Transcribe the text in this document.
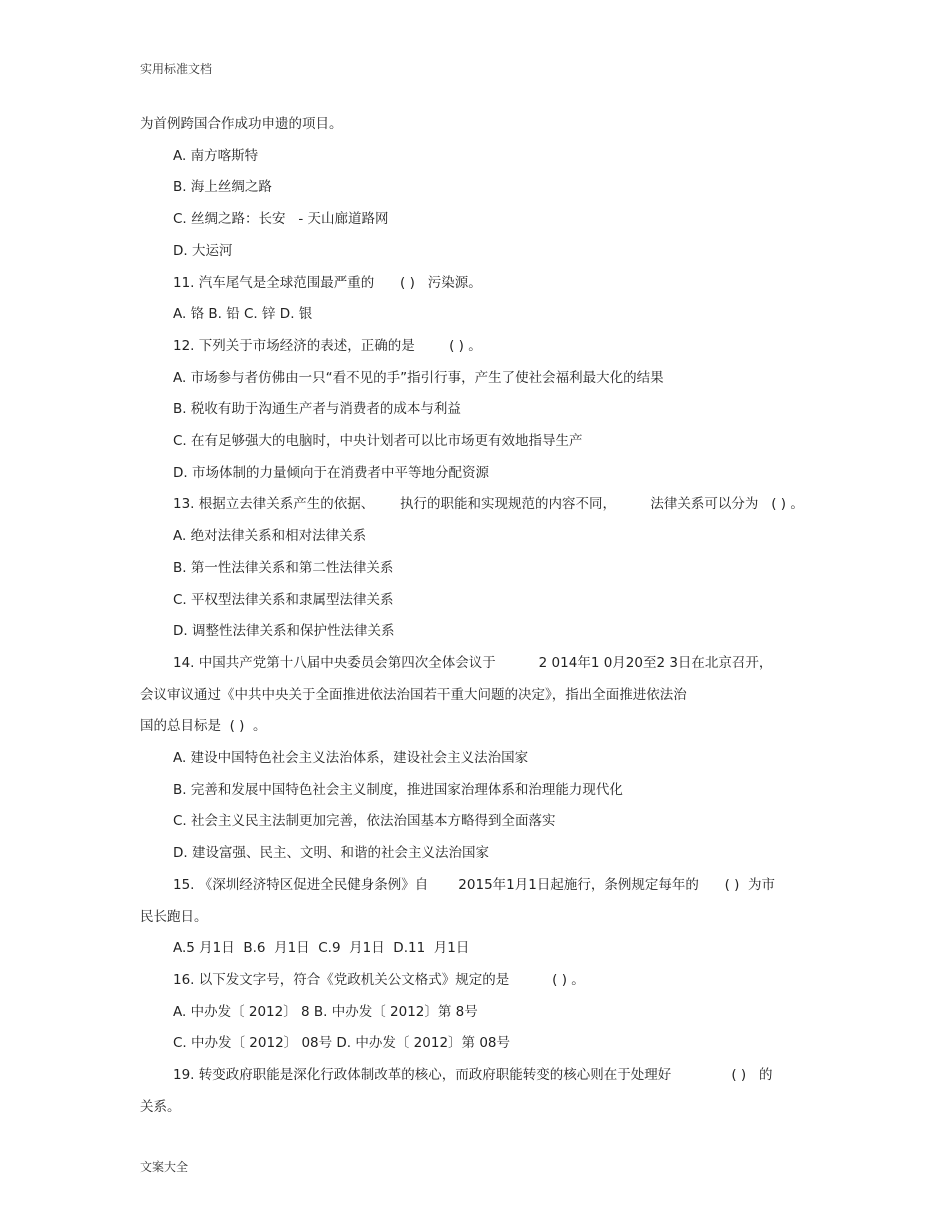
实用标准文档

为首例跨国合作成功申遗的项目。

A. 南方喀斯特

B. 海上丝绸之路

C. 丝绸之路：长安   - 天山廊道路网

D. 大运河

11. 汽车尾气是全球范围最严重的      ( )   污染源。

A. 铬 B. 铅 C. 锌 D. 银

12. 下列关于市场经济的表述，正确的是        ( ) 。

A. 市场参与者仿佛由一只“看不见的手”指引行事，产生了使社会福利最大化的结果

B. 税收有助于沟通生产者与消费者的成本与利益

C. 在有足够强大的电脑时，中央计划者可以比市场更有效地指导生产

D. 市场体制的力量倾向于在消费者中平等地分配资源

13. 根据立去律关系产生的依据、      执行的职能和实现规范的内容不同，        法律关系可以分为   ( ) 。

A. 绝对法律关系和相对法律关系

B. 第一性法律关系和第二性法律关系

C. 平权型法律关系和隶属型法律关系

D. 调整性法律关系和保护性法律关系

14. 中国共产党第十八届中央委员会第四次全体会议于          2 014年1 0月20至2 3日在北京召开，

会议审议通过《中共中央关于全面推进依法治国若干重大问题的决定》，指出全面推进依法治

国的总目标是  ( )  。

A. 建设中国特色社会主义法治体系，建设社会主义法治国家

B. 完善和发展中国特色社会主义制度，推进国家治理体系和治理能力现代化

C. 社会主义民主法制更加完善，依法治国基本方略得到全面落实

D. 建设富强、民主、文明、和谐的社会主义法治国家

15. 《深圳经济特区促进全民健身条例》自       2015年1月1日起施行，条例规定每年的      ( )  为市

民长跑日。

A.5 月1日  B.6  月1日  C.9  月1日  D.11  月1日

16. 以下发文字号，符合《党政机关公文格式》规定的是          ( ) 。

A. 中办发〔 2012〕 8 B. 中办发〔 2012〕第 8号

C. 中办发〔 2012〕 08号 D. 中办发〔 2012〕第 08号

19. 转变政府职能是深化行政体制改革的核心，而政府职能转变的核心则在于处理好              ( )   的

关系。

文案大全
